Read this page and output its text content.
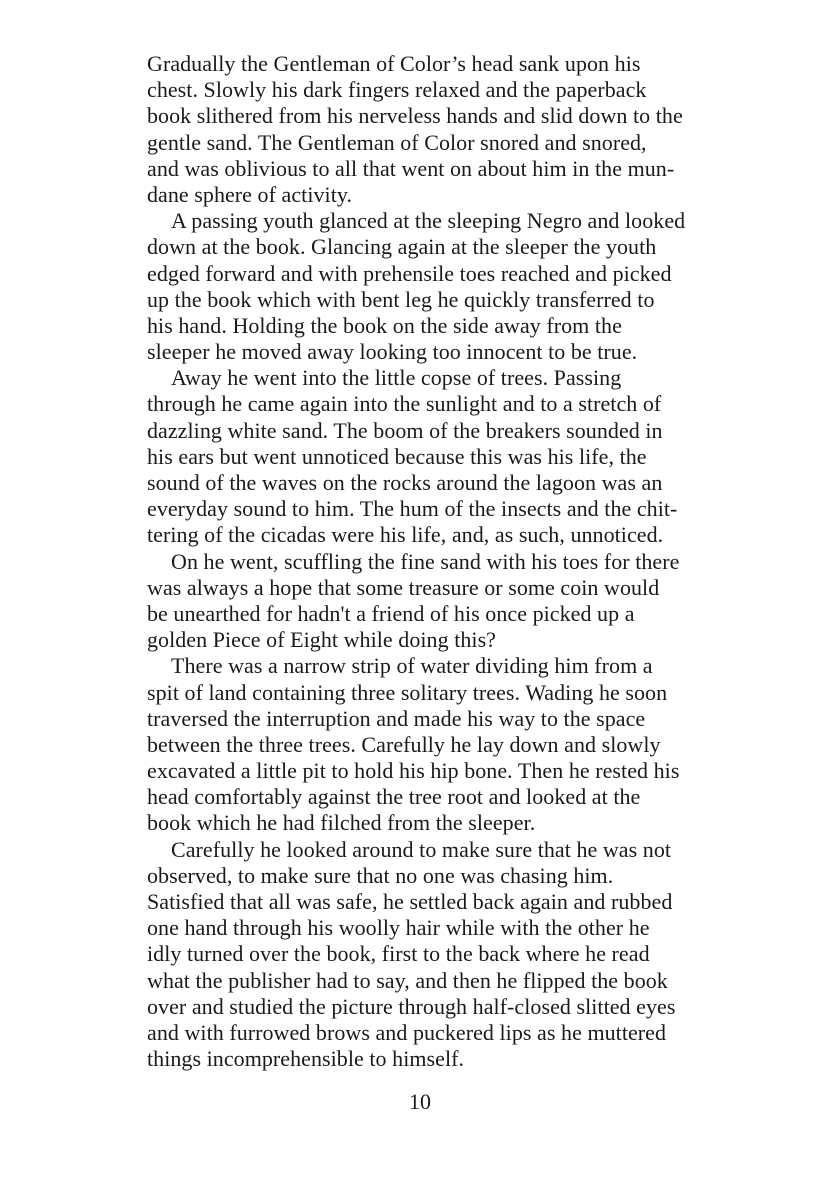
Gradually the Gentleman of Color’s head sank upon his
chest. Slowly his dark fingers relaxed and the paperback
book slithered from his nerveless hands and slid down to the
gentle sand. The Gentleman of Color snored and snored,
and was oblivious to all that went on about him in the mun-
dane sphere of activity.
A passing youth glanced at the sleeping Negro and looked
down at the book. Glancing again at the sleeper the youth
edged forward and with prehensile toes reached and picked
up the book which with bent leg he quickly transferred to
his hand. Holding the book on the side away from the
sleeper he moved away looking too innocent to be true.
Away he went into the little copse of trees. Passing
through he came again into the sunlight and to a stretch of
dazzling white sand. The boom of the breakers sounded in
his ears but went unnoticed because this was his life, the
sound of the waves on the rocks around the lagoon was an
everyday sound to him. The hum of the insects and the chit-
tering of the cicadas were his life, and, as such, unnoticed.
On he went, scuffling the fine sand with his toes for there
was always a hope that some treasure or some coin would
be unearthed for hadn't a friend of his once picked up a
golden Piece of Eight while doing this?
There was a narrow strip of water dividing him from a
spit of land containing three solitary trees. Wading he soon
traversed the interruption and made his way to the space
between the three trees. Carefully he lay down and slowly
excavated a little pit to hold his hip bone. Then he rested his
head comfortably against the tree root and looked at the
book which he had filched from the sleeper.
Carefully he looked around to make sure that he was not
observed, to make sure that no one was chasing him.
Satisfied that all was safe, he settled back again and rubbed
one hand through his woolly hair while with the other he
idly turned over the book, first to the back where he read
what the publisher had to say, and then he flipped the book
over and studied the picture through half-closed slitted eyes
and with furrowed brows and puckered lips as he muttered
things incomprehensible to himself.
10
